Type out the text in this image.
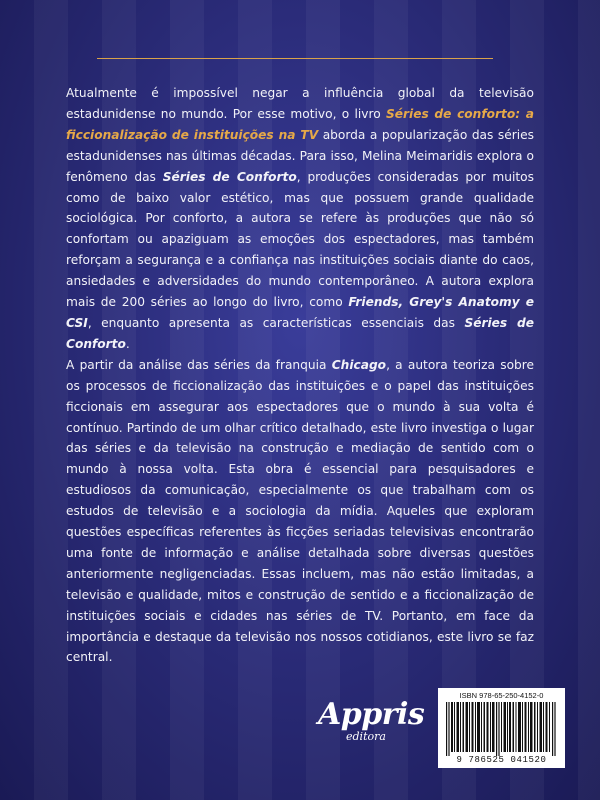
Atualmente é impossível negar a influência global da televisão estadunidense no mundo. Por esse motivo, o livro Séries de conforto: a ficcionalização de instituições na TV aborda a popularização das séries estadunidenses nas últimas décadas. Para isso, Melina Meimaridis explora o fenômeno das Séries de Conforto, produções consideradas por muitos como de baixo valor estético, mas que possuem grande qualidade sociológica. Por conforto, a autora se refere às produções que não só confortam ou apaziguam as emoções dos espectadores, mas também reforçam a segurança e a confiança nas instituições sociais diante do caos, ansiedades e adversidades do mundo contemporâneo. A autora explora mais de 200 séries ao longo do livro, como Friends, Grey's Anatomy e CSI, enquanto apresenta as características essenciais das Séries de Conforto.
A partir da análise das séries da franquia Chicago, a autora teoriza sobre os processos de ficcionalização das instituições e o papel das instituições ficcionais em assegurar aos espectadores que o mundo à sua volta é contínuo. Partindo de um olhar crítico detalhado, este livro investiga o lugar das séries e da televisão na construção e mediação de sentido com o mundo à nossa volta. Esta obra é essencial para pesquisadores e estudiosos da comunicação, especialmente os que trabalham com os estudos de televisão e a sociologia da mídia. Aqueles que exploram questões específicas referentes às ficções seriadas televisivas encontrarão uma fonte de informação e análise detalhada sobre diversas questões anteriormente negligenciadas. Essas incluem, mas não estão limitadas, a televisão e qualidade, mitos e construção de sentido e a ficcionalização de instituições sociais e cidades nas séries de TV. Portanto, em face da importância e destaque da televisão nos nossos cotidianos, este livro se faz central.

Appris
editora
ISBN 978-65-250-4152-0
9 786525 041520
